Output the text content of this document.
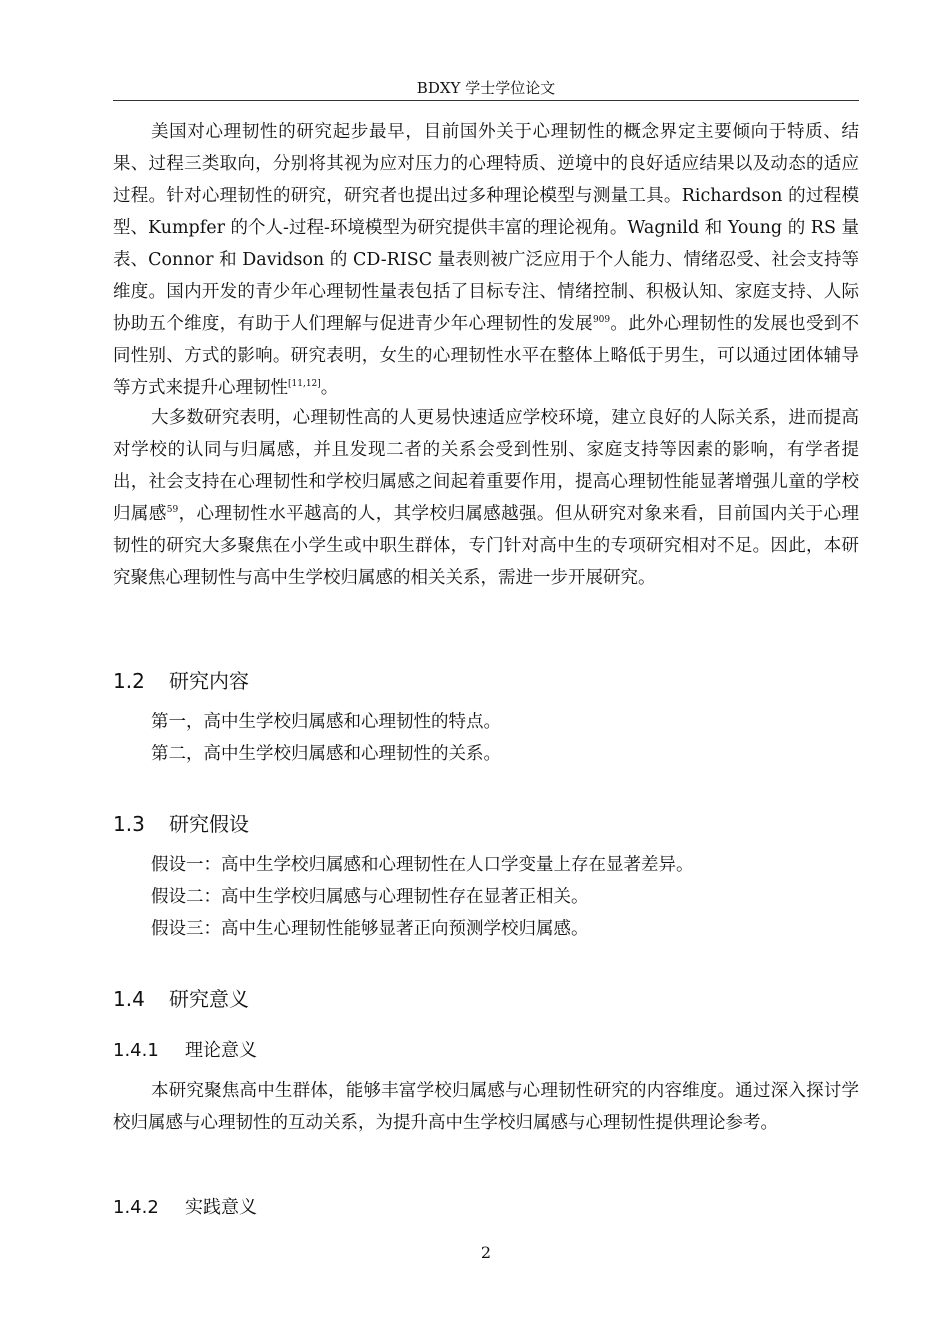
BDXY 学士学位论文

美国对心理韧性的研究起步最早，目前国外关于心理韧性的概念界定主要倾向于特质、结果、过程三类取向，分别将其视为应对压力的心理特质、逆境中的良好适应结果以及动态的适应过程。针对心理韧性的研究，研究者也提出过多种理论模型与测量工具。Richardson 的过程模型、Kumpfer 的个人-过程-环境模型为研究提供丰富的理论视角。Wagnild 和 Young 的 RS 量表、Connor 和 Davidson 的 CD-RISC 量表则被广泛应用于个人能力、情绪忍受、社会支持等维度。国内开发的青少年心理韧性量表包括了目标专注、情绪控制、积极认知、家庭支持、人际协助五个维度，有助于人们理解与促进青少年心理韧性的发展$^{909}$。此外心理韧性的发展也受到不同性别、方式的影响。研究表明，女生的心理韧性水平在整体上略低于男生，可以通过团体辅导等方式来提升心理韧性[11,12]。

大多数研究表明，心理韧性高的人更易快速适应学校环境，建立良好的人际关系，进而提高对学校的认同与归属感，并且发现二者的关系会受到性别、家庭支持等因素的影响，有学者提出，社会支持在心理韧性和学校归属感之间起着重要作用，提高心理韧性能显著增强儿童的学校归属感$^{59}$，心理韧性水平越高的人，其学校归属感越强。但从研究对象来看，目前国内关于心理韧性的研究大多聚焦在小学生或中职生群体，专门针对高中生的专项研究相对不足。因此，本研究聚焦心理韧性与高中生学校归属感的相关关系，需进一步开展研究。

1.2 研究内容

第一，高中生学校归属感和心理韧性的特点。

第二，高中生学校归属感和心理韧性的关系。

1.3 研究假设

假设一：高中生学校归属感和心理韧性在人口学变量上存在显著差异。

假设二：高中生学校归属感与心理韧性存在显著正相关。

假设三：高中生心理韧性能够显著正向预测学校归属感。

1.4 研究意义
1.4.1 理论意义

本研究聚焦高中生群体，能够丰富学校归属感与心理韧性研究的内容维度。通过深入探讨学校归属感与心理韧性的互动关系，为提升高中生学校归属感与心理韧性提供理论参考。

1.4.2 实践意义
2
